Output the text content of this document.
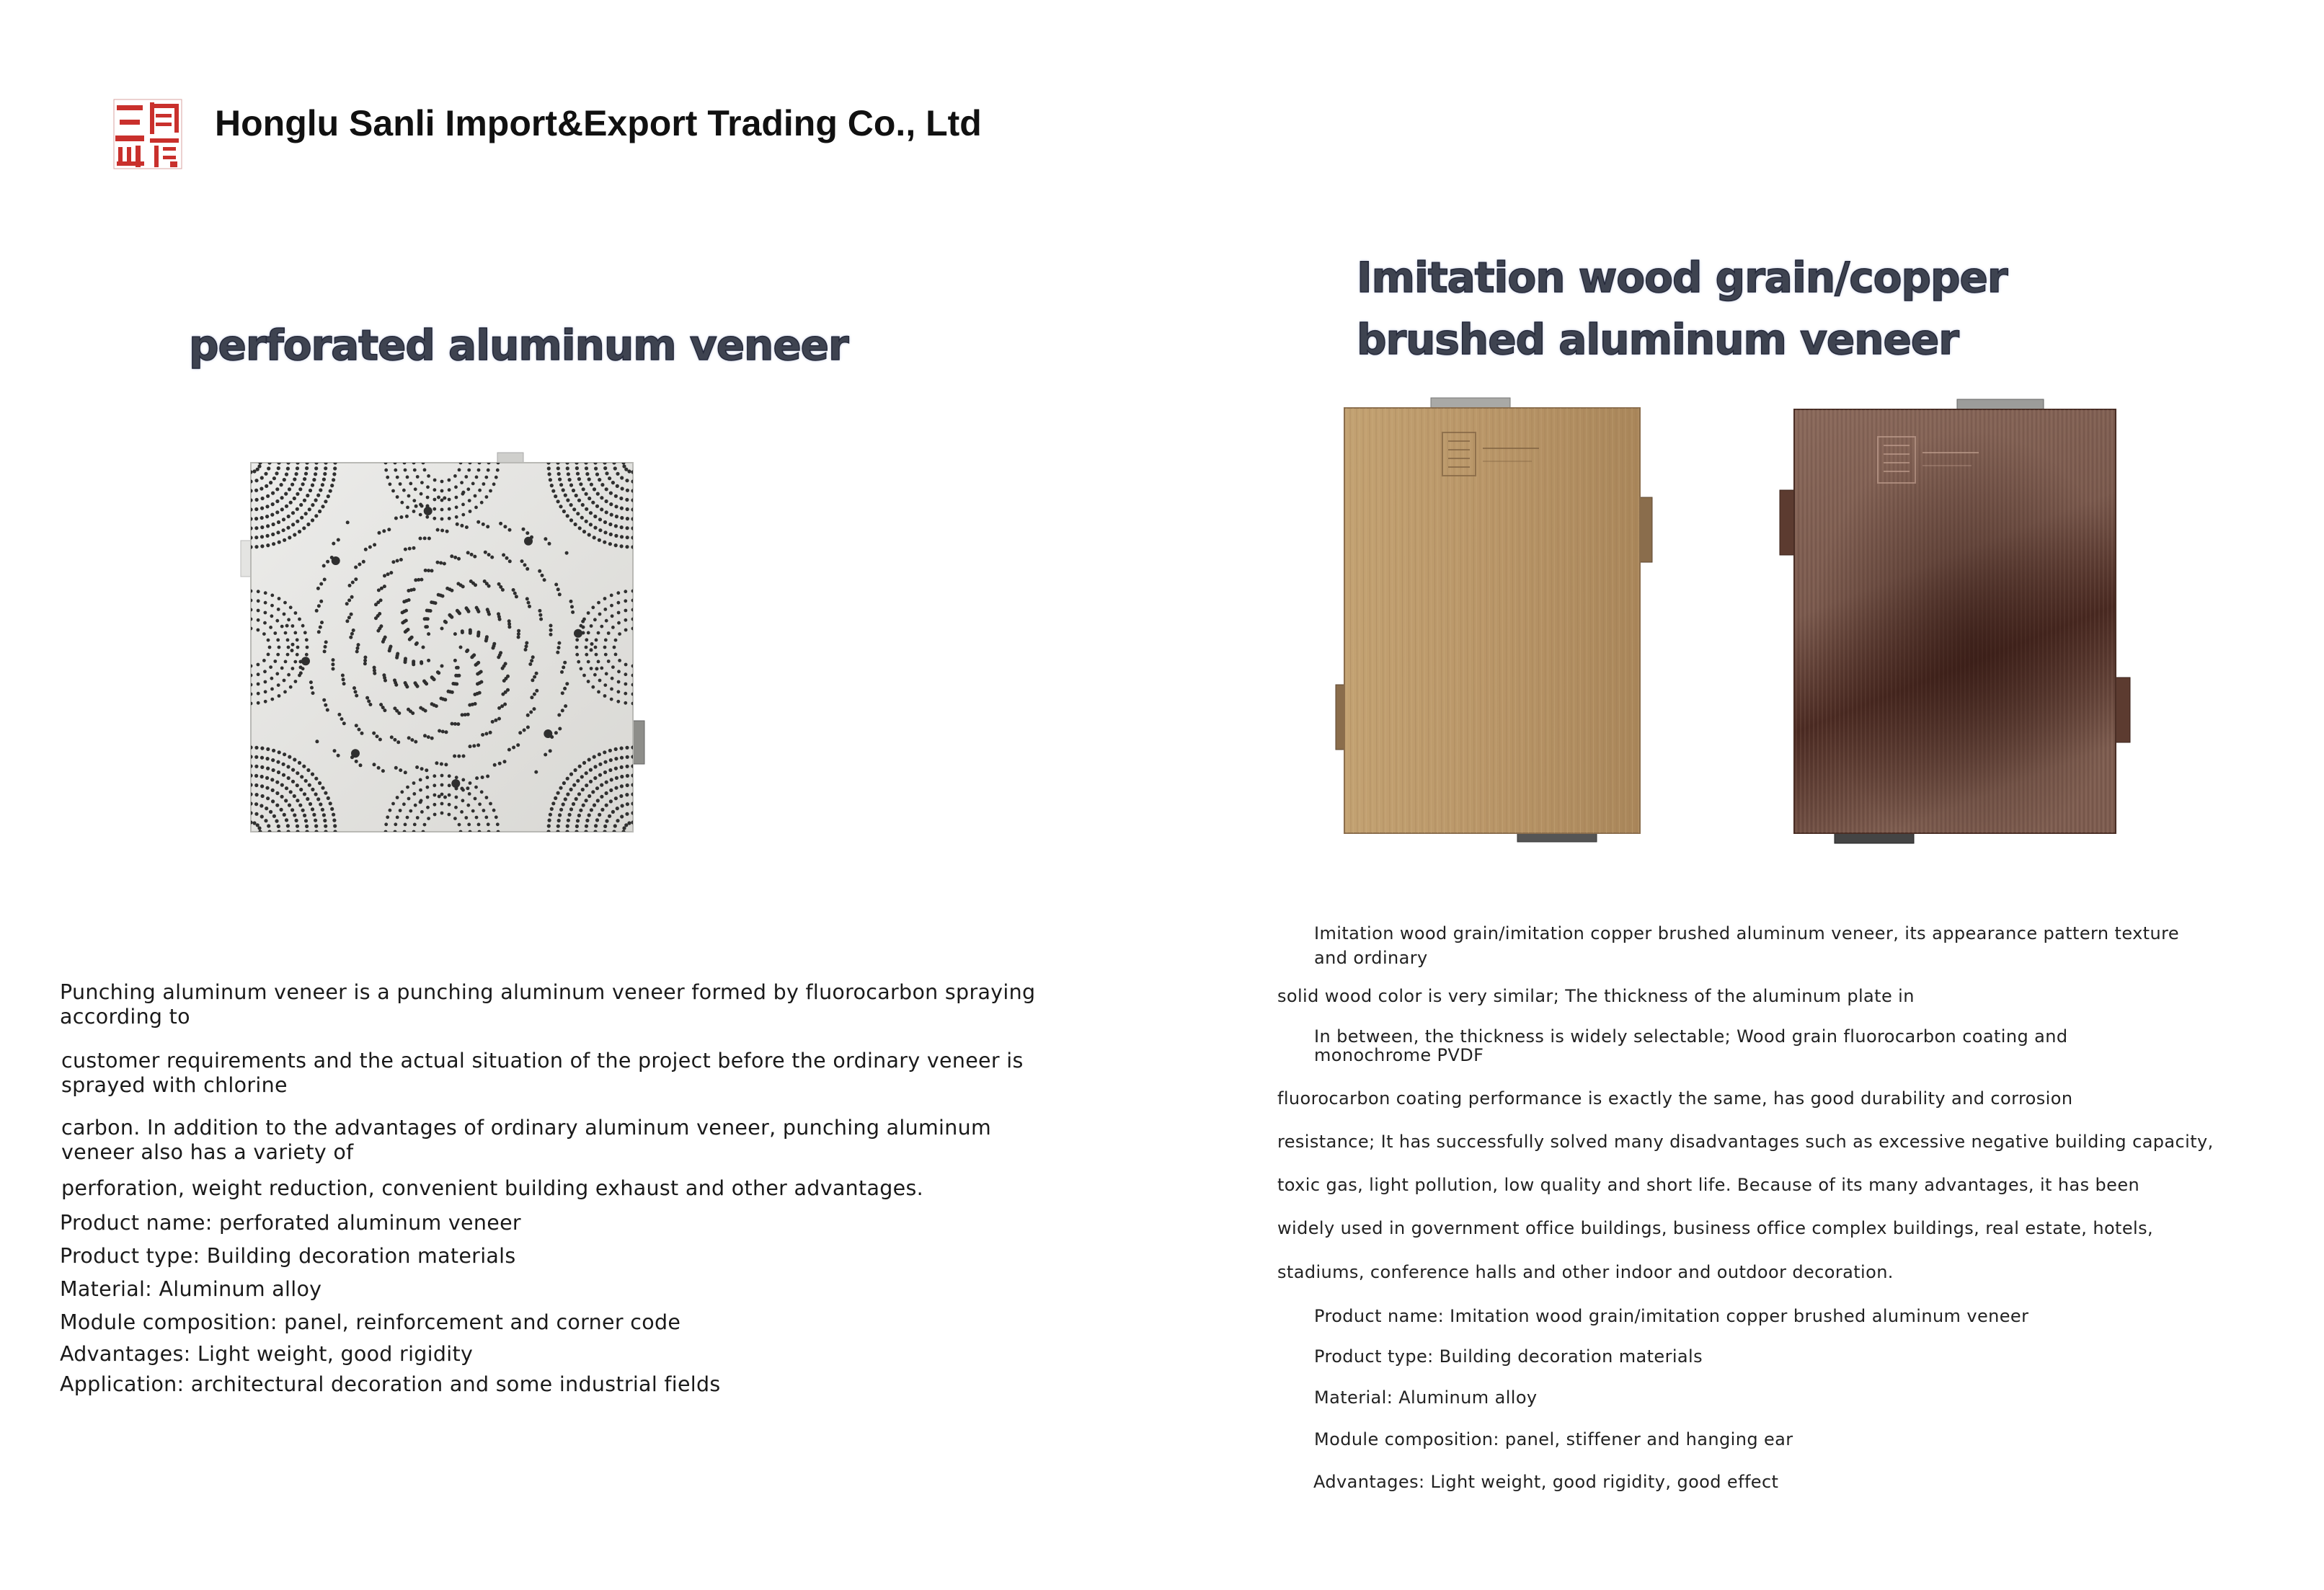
Honglu Sanli Import&Export Trading Co., Ltd
perforated aluminum veneer

Punching aluminum veneer is a punching aluminum veneer formed by fluorocarbon spraying according to

customer requirements and the actual situation of the project before the ordinary veneer is sprayed with chlorine

carbon. In addition to the advantages of ordinary aluminum veneer, punching aluminum veneer also has a variety of

perforation, weight reduction, convenient building exhaust and other advantages.

Product name: perforated aluminum veneer

Product type: Building decoration materials

Material: Aluminum alloy

Module composition: panel, reinforcement and corner code

Advantages: Light weight, good rigidity

Application: architectural decoration and some industrial fields

Imitation wood grain/copper brushed aluminum veneer

Imitation wood grain/imitation copper brushed aluminum veneer, its appearance pattern texture and ordinary

solid wood color is very similar; The thickness of the aluminum plate in

In between, the thickness is widely selectable; Wood grain fluorocarbon coating and monochrome PVDF

fluorocarbon coating performance is exactly the same, has good durability and corrosion

resistance; It has successfully solved many disadvantages such as excessive negative building capacity,

toxic gas, light pollution, low quality and short life. Because of its many advantages, it has been

widely used in government office buildings, business office complex buildings, real estate, hotels,

stadiums, conference halls and other indoor and outdoor decoration.

Product name: Imitation wood grain/imitation copper brushed aluminum veneer

Product type: Building decoration materials

Material: Aluminum alloy

Module composition: panel, stiffener and hanging ear

Advantages: Light weight, good rigidity, good effect
